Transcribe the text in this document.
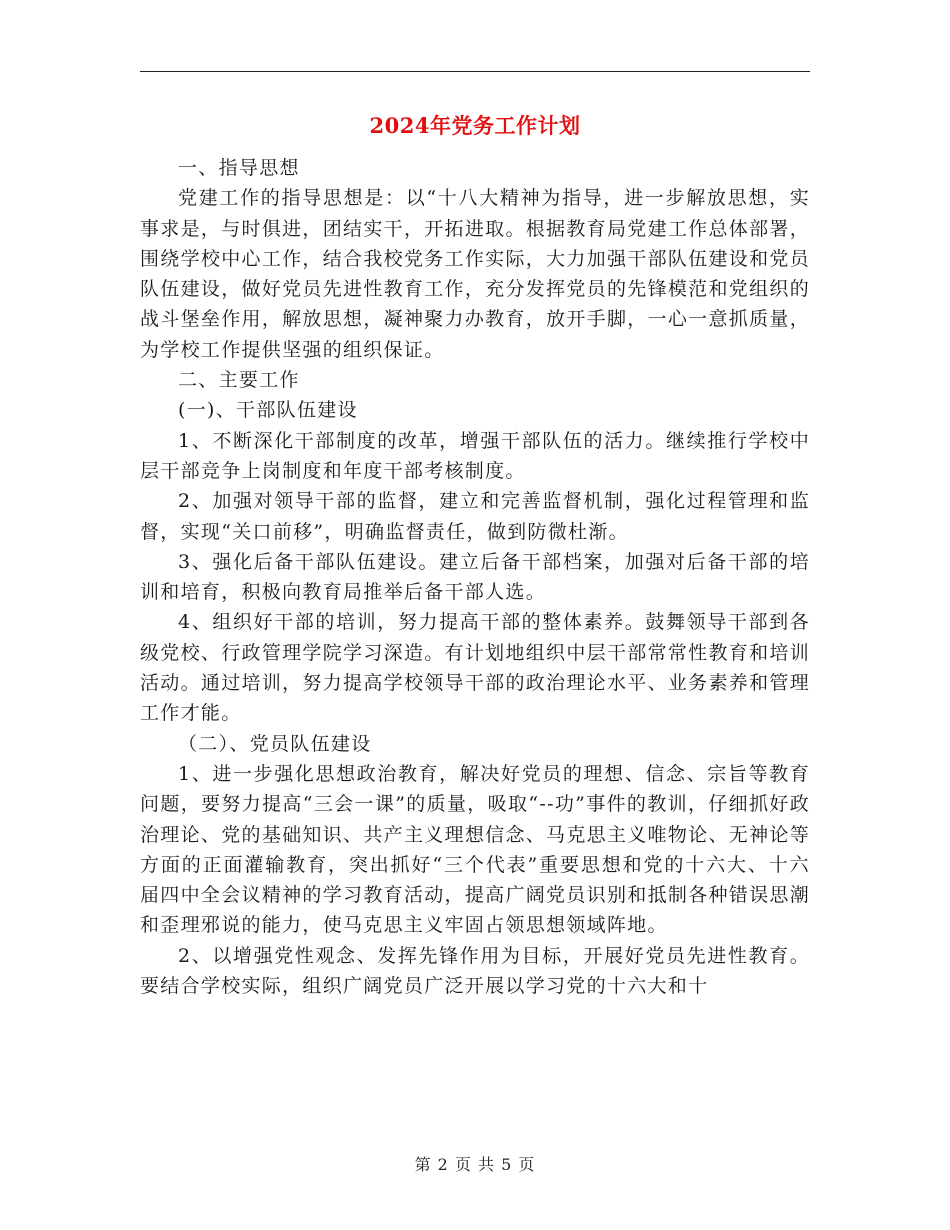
2024年党务工作计划

一、指导思想

党建工作的指导思想是：以“十八大精神为指导，进一步解放思想，实事求是，与时俱进，团结实干，开拓进取。根据教育局党建工作总体部署，围绕学校中心工作，结合我校党务工作实际，大力加强干部队伍建设和党员队伍建设，做好党员先进性教育工作，充分发挥党员的先锋模范和党组织的战斗堡垒作用，解放思想，凝神聚力办教育，放开手脚，一心一意抓质量，为学校工作提供坚强的组织保证。

二、主要工作

(一)、干部队伍建设

1、不断深化干部制度的改革，增强干部队伍的活力。继续推行学校中层干部竞争上岗制度和年度干部考核制度。

2、加强对领导干部的监督，建立和完善监督机制，强化过程管理和监督，实现“关口前移”，明确监督责任，做到防微杜渐。

3、强化后备干部队伍建设。建立后备干部档案，加强对后备干部的培训和培育，积极向教育局推举后备干部人选。

4、组织好干部的培训，努力提高干部的整体素养。鼓舞领导干部到各级党校、行政管理学院学习深造。有计划地组织中层干部常常性教育和培训活动。通过培训，努力提高学校领导干部的政治理论水平、业务素养和管理工作才能。

（二）、党员队伍建设

1、进一步强化思想政治教育，解决好党员的理想、信念、宗旨等教育问题，要努力提高“三会一课”的质量，吸取“--功”事件的教训，仔细抓好政治理论、党的基础知识、共产主义理想信念、马克思主义唯物论、无神论等方面的正面灌输教育，突出抓好“三个代表”重要思想和党的十六大、十六届四中全会议精神的学习教育活动，提高广阔党员识别和抵制各种错误思潮和歪理邪说的能力，使马克思主义牢固占领思想领域阵地。

2、以增强党性观念、发挥先锋作用为目标，开展好党员先进性教育。要结合学校实际，组织广阔党员广泛开展以学习党的十六大和十

第 2 页 共 5 页
